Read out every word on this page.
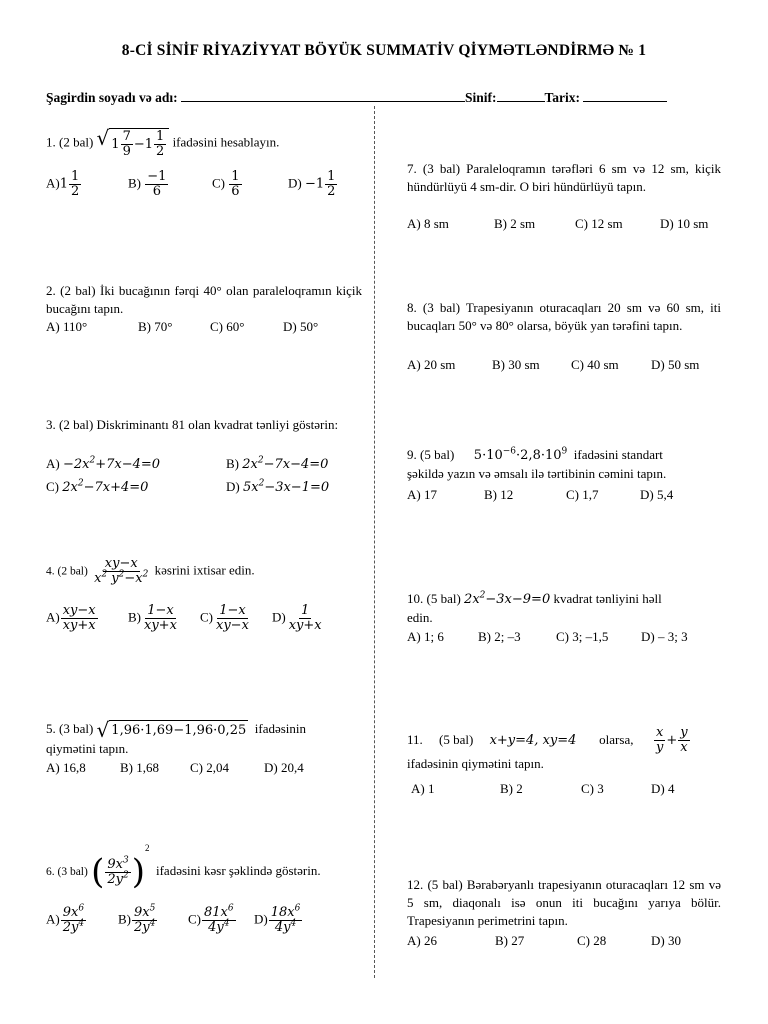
8-Cİ SİNİF RİYAZİYYAT BÖYÜK SUMMATİV QİYMƏTLƏNDİRMƏ № 1
Şagirdin soyadı və adı:	Sinif:	Tarix:
1. (2 bal) √ $1 \frac{7}{9} -1 \frac{1}{2}$ ifadəsini hesablayın.
$A)1 \frac{1}{2}$	$B) \frac{-1}{6}$	$C) \frac{1}{6}$	$D) -1 \frac{1}{2}$
2. (2 bal) İki bucağının fərqi 40° olan paraleloqramın kiçik bucağını tapın.
A) 110°	B) 70°	C) 60°	D) 50°
3. (2 bal) Diskriminantı 81 olan kvadrat tənliyi göstərin:
$A) -2x^2+7x-4=0$	B) $2x^2-7x-4=0$
C) $2x^2-7x+4=0$	D) $5x^2-3x-1=0$
4. (2 $bal) \frac{xy-x}{x^2 y^2-x^2}$ kəsrini ixtisar edin.
$A) \frac{xy-x}{xy+x} B) \frac{1-x}{xy+x} C) \frac{1-x}{xy-x} D) \frac{1}{xy+x}$
5. (3 bal) √ 1,96·1,69−1,96·0,25 ifadəsinin
qiymətini tapın.
A) 16,8	B) 1,68 C) 2,04	D) 20,4
6. (3 bal) ( $\frac{9x^3}{2y^2} )^2$  ifadəsini kəsr şəklində göstərin.
$A) \frac{9x^6}{2y^4} B) \frac{9x^5}{2y^4} C) \frac{81x^6}{4y^4} D) \frac{18x^6}{4y^4}$
7. (3 bal) Paraleloqramın tərəfləri 6 sm və 12 sm, kiçik hündürlüyü 4 sm-dir. O biri hündürlüyü tapın.
A) 8 sm	B) 2 sm	C) 12 sm	D) 10 sm
8. (3 bal) Trapesiyanın oturacaqları 20 sm və 60 sm, iti bucaqları 50° və 80° olarsa, böyük yan tərəfini tapın.
A) 20 sm	B) 30 sm C) 40 sm D) 50 sm
9. (5 bal) $5\cdot 10^{-6}\cdot 2,8\cdot 10^9$ ifadəsini standart
şəkildə yazın və əmsalı ilə tərtibinin cəmini tapın.
A) 17	B) 12	C) 1,7	D) 5,4
10. (5 bal) $2x^2-3x-9=0$ kvadrat tənliyini həll
edin.
A) 1; 6	B) 2; –3	C) 3; –1,5	D) – 3; 3
11. (5 bal) x+y=4, xy=4 olarsa, $\frac{x}{y} + \frac{y}{x}$

ifadəsinin qiymətini tapın.
A) 1	B) 2	C) 3	D) 4
12. (5 bal) Bərabəryanlı trapesiyanın oturacaqları 12 sm və 5 sm, diaqonalı isə onun iti bucağını yarıya bölür. Trapesiyanın perimetrini tapın.
A) 26	B) 27	C) 28	D) 30
